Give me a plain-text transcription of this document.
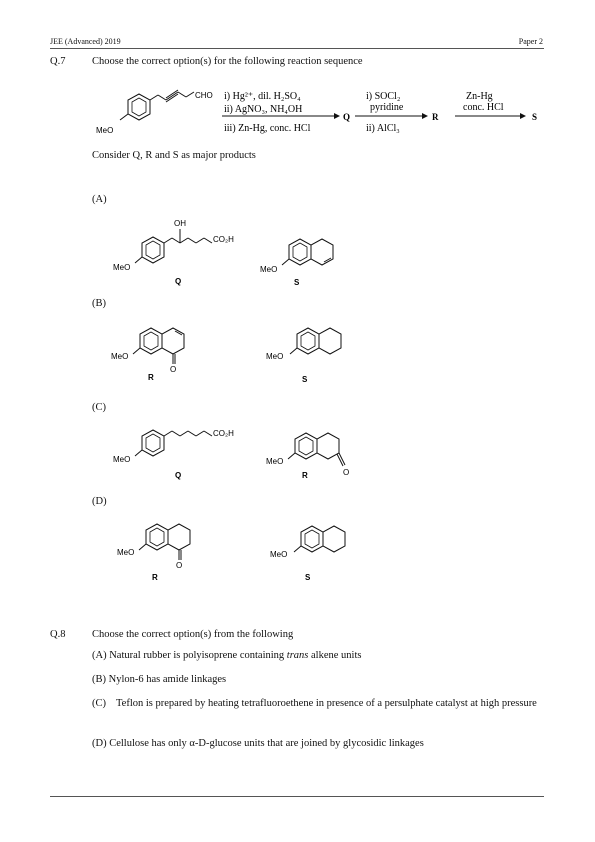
JEE (Advanced) 2019	Paper 2
Q.7	Choose the correct option(s) for the following reaction sequence
MeO
CHO i) Hg²⁺, dil. H₂SO₄
ii) AgNO₃, NH₄OH
iii) Zn-Hg, conc. HCl
Q
i) SOCl₂
pyridine
ii) AlCl₃
R
Zn-Hg
conc. HCl
S
Consider Q, R and S as major products
(A)
MeO
OH
CO₂H
Q
MeO
S
(B)
O
MeO
R
MeO
S
(C)
MeO
CO₂H
Q	O
MeO
R
(D)
O
MeO
R
MeO
S
Q.8	Choose the correct option(s) from the following
(A) Natural rubber is polyisoprene containing trans alkene units
(B) Nylon-6 has amide linkages
(C) Teflon is prepared by heating tetrafluoroethene in presence of a persulphate catalyst at high pressure
(D) Cellulose has only α-D-glucose units that are joined by glycosidic linkages
